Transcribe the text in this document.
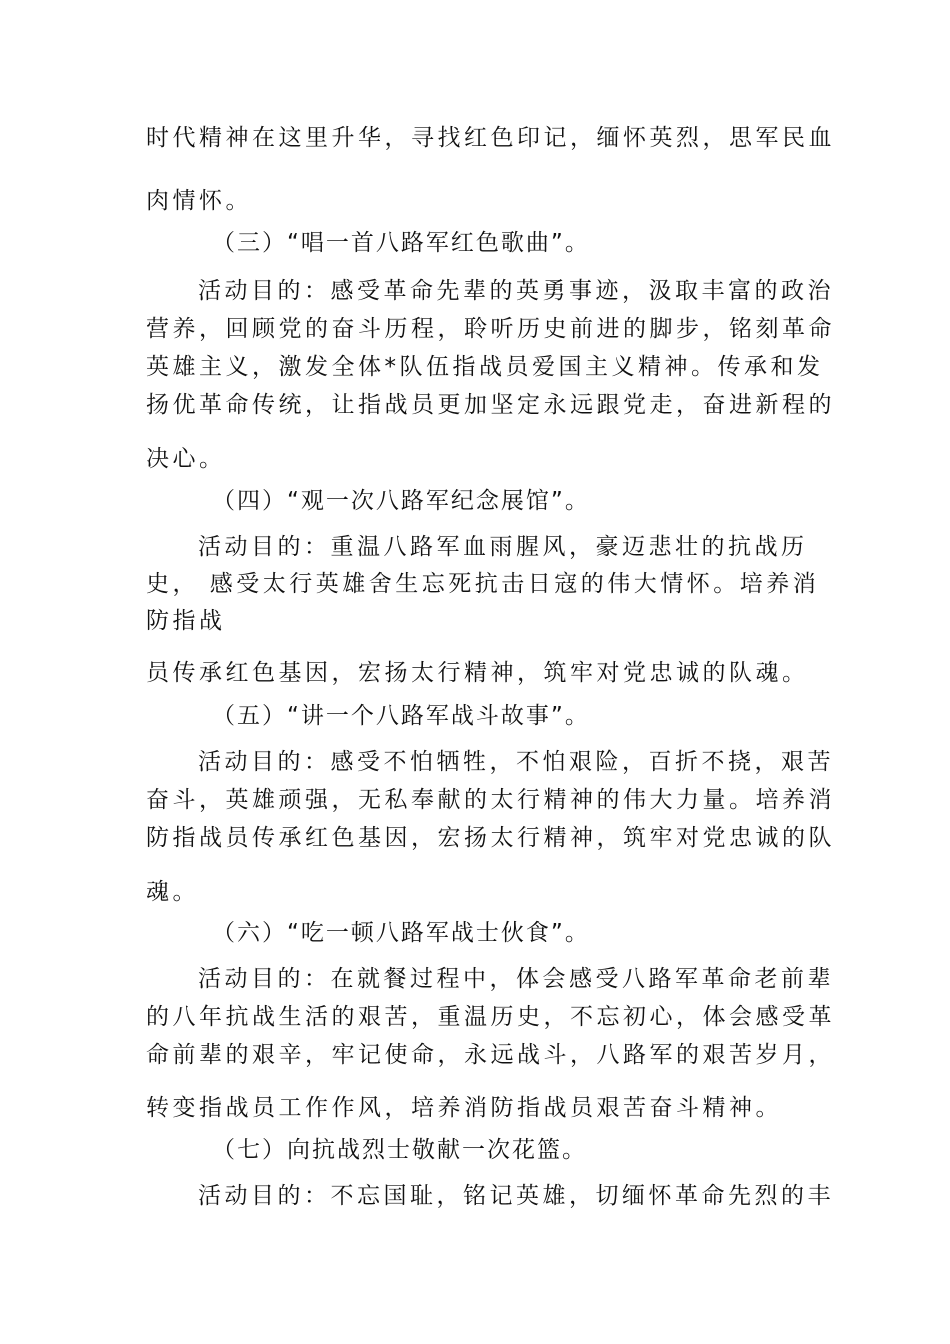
时代精神在这里升华，寻找红色印记，缅怀英烈，思军民血
肉情怀。
（三）“唱一首八路军红色歌曲”。
活动目的：感受革命先辈的英勇事迹，汲取丰富的政治
营养，回顾党的奋斗历程，聆听历史前进的脚步，铭刻革命
英雄主义，激发全体*队伍指战员爱国主义精神。传承和发
扬优革命传统，让指战员更加坚定永远跟党走，奋进新程的
决心。
（四）“观一次八路军纪念展馆”。
活动目的：重温八路军血雨腥风，豪迈悲壮的抗战历
史， 感受太行英雄舍生忘死抗击日寇的伟大情怀。培养消
防指战
员传承红色基因，宏扬太行精神，筑牢对党忠诚的队魂。
（五）“讲一个八路军战斗故事”。
活动目的：感受不怕牺牲，不怕艰险，百折不挠，艰苦
奋斗，英雄顽强，无私奉献的太行精神的伟大力量。培养消
防指战员传承红色基因，宏扬太行精神，筑牢对党忠诚的队
魂。
（六）“吃一顿八路军战士伙食”。
活动目的：在就餐过程中，体会感受八路军革命老前辈
的八年抗战生活的艰苦，重温历史，不忘初心，体会感受革
命前辈的艰辛，牢记使命，永远战斗，八路军的艰苦岁月，
转变指战员工作作风，培养消防指战员艰苦奋斗精神。
（七）向抗战烈士敬献一次花篮。
活动目的：不忘国耻，铭记英雄，切缅怀革命先烈的丰
